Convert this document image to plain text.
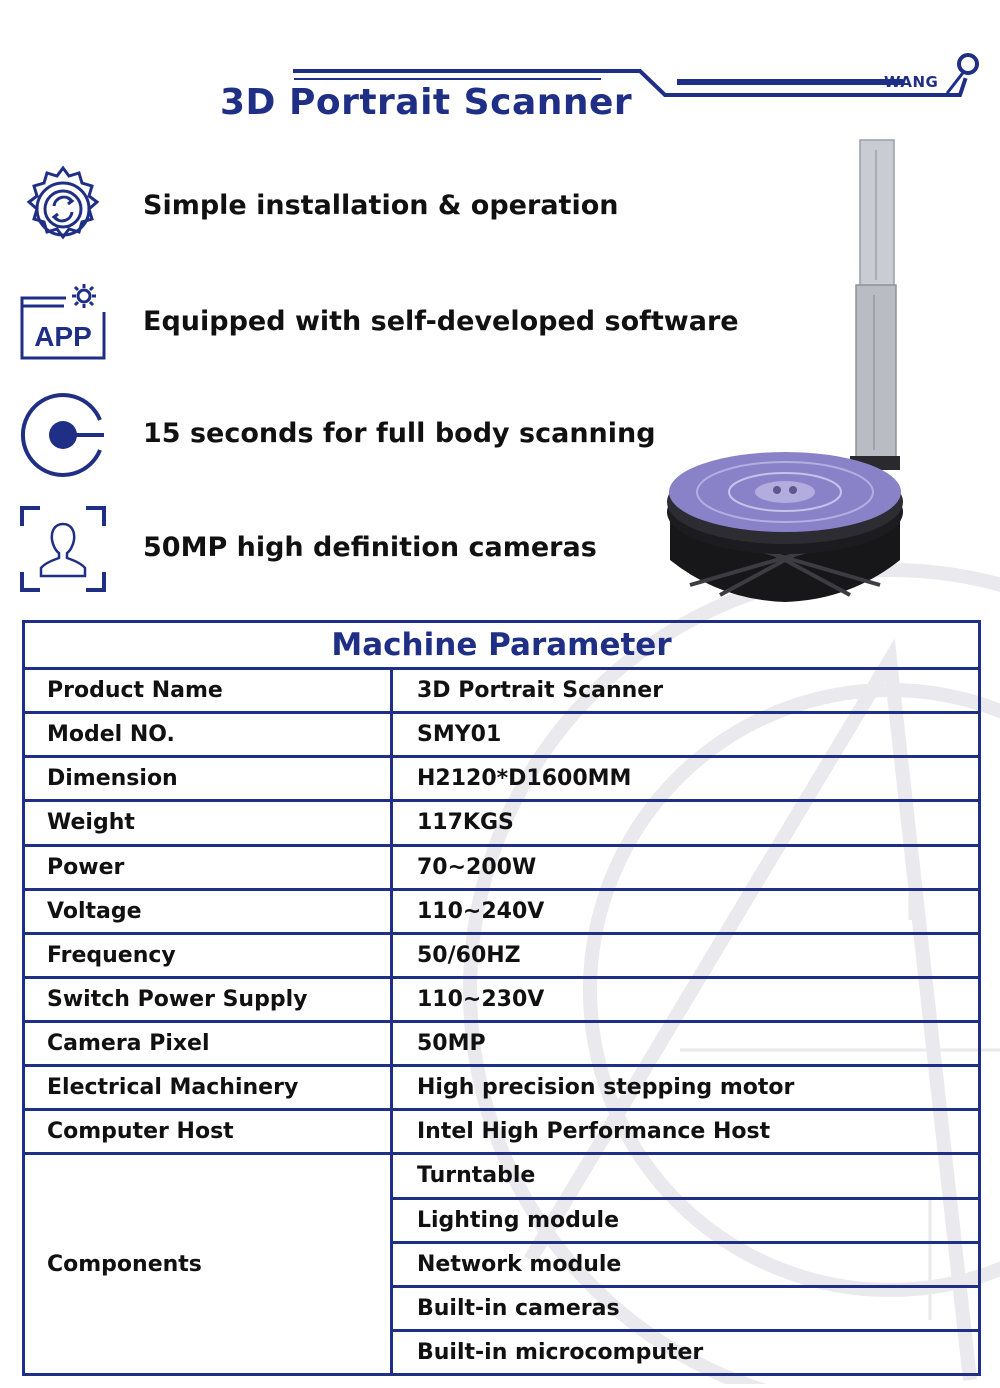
3D Portrait Scanner	WANG
Simple installation & operation
APP Equipped with self-developed software
15 seconds for full body scanning
50MP high definition cameras
Machine Parameter	
Product Name	3D Portrait Scanner
Model NO.	SMY01
Dimension	H2120*D1600MM
Weight	117KGS
Power	70~200W
Voltage	110~240V
Frequency	50/60HZ
Switch Power Supply	110~230V
Camera Pixel	50MP
Electrical Machinery	High precision stepping motor
Computer Host	Intel High Performance Host
Components	Turntable
	Lighting module
	Network module
	Built-in cameras
	Built-in microcomputer
